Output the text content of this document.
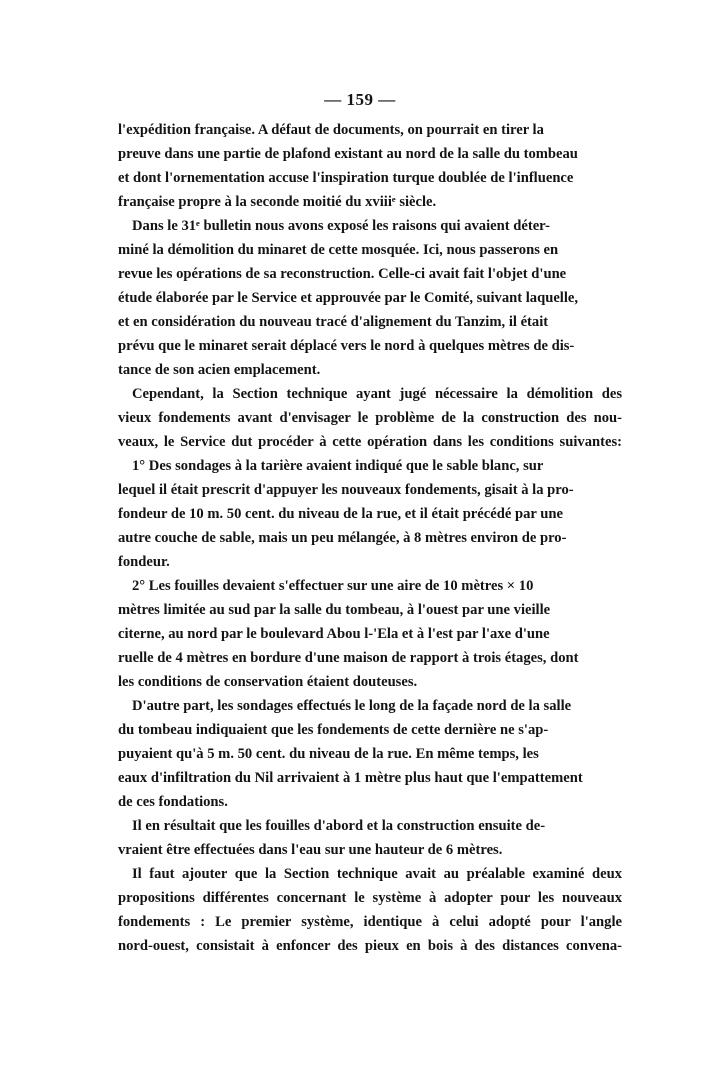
— 159 —

l'expédition française. A défaut de documents, on pourrait en tirer la
preuve dans une partie de plafond existant au nord de la salle du tombeau
et dont l'ornementation accuse l'inspiration turque doublée de l'influence
française propre à la seconde moitié du xviiiᵉ siècle.

Dans le 31ᵉ bulletin nous avons exposé les raisons qui avaient déter-
miné la démolition du minaret de cette mosquée. Ici, nous passerons en
revue les opérations de sa reconstruction. Celle-ci avait fait l'objet d'une
étude élaborée par le Service et approuvée par le Comité, suivant laquelle,
et en considération du nouveau tracé d'alignement du Tanzim, il était
prévu que le minaret serait déplacé vers le nord à quelques mètres de dis-
tance de son acien emplacement.

Cependant, la Section technique ayant jugé nécessaire la démolition des
vieux fondements avant d'envisager le problème de la construction des nou-
veaux, le Service dut procéder à cette opération dans les conditions suivantes:

1° Des sondages à la tarière avaient indiqué que le sable blanc, sur
lequel il était prescrit d'appuyer les nouveaux fondements, gisait à la pro-
fondeur de 10 m. 50 cent. du niveau de la rue, et il était précédé par une
autre couche de sable, mais un peu mélangée, à 8 mètres environ de pro-
fondeur.

2° Les fouilles devaient s'effectuer sur une aire de 10 mètres × 10
mètres limitée au sud par la salle du tombeau, à l'ouest par une vieille
citerne, au nord par le boulevard Abou l-'Ela et à l'est par l'axe d'une
ruelle de 4 mètres en bordure d'une maison de rapport à trois étages, dont
les conditions de conservation étaient douteuses.

D'autre part, les sondages effectués le long de la façade nord de la salle
du tombeau indiquaient que les fondements de cette dernière ne s'ap-
puyaient qu'à 5 m. 50 cent. du niveau de la rue. En même temps, les
eaux d'infiltration du Nil arrivaient à 1 mètre plus haut que l'empattement
de ces fondations.

Il en résultait que les fouilles d'abord et la construction ensuite de-
vraient être effectuées dans l'eau sur une hauteur de 6 mètres.

Il faut ajouter que la Section technique avait au préalable examiné deux
propositions différentes concernant le système à adopter pour les nouveaux
fondements : Le premier système, identique à celui adopté pour l'angle
nord-ouest, consistait à enfoncer des pieux en bois à des distances convena-
